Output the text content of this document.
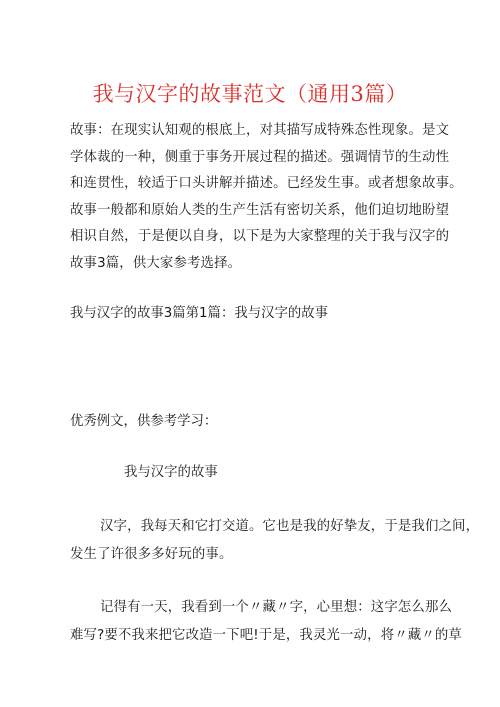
我与汉字的故事范文（通用3篇）
故事：在现实认知观的根底上，对其描写成特殊态性现象。是文
学体裁的一种，侧重于事务开展过程的描述。强调情节的生动性
和连贯性，较适于口头讲解并描述。已经发生事。或者想象故事。
故事一般都和原始人类的生产生活有密切关系，他们迫切地盼望
相识自然，于是便以自身，以下是为大家整理的关于我与汉字的
故事3篇，供大家参考选择。
我与汉字的故事3篇第1篇：我与汉字的故事
优秀例文，供参考学习：
我与汉字的故事
汉字，我每天和它打交道。它也是我的好挚友，于是我们之间，
发生了许很多多好玩的事。
记得有一天，我看到一个〃藏〃字，心里想：这字怎么那么
难写?要不我来把它改造一下吧!于是，我灵光一动，将〃藏〃的草
